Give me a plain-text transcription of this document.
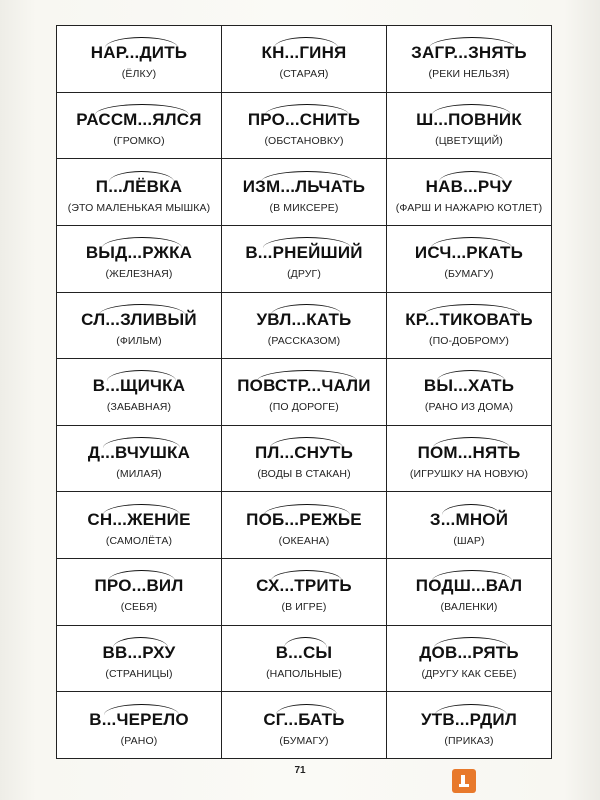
НАР...ДИТЬ
( ЁЛКУ )
КН...ГИНЯ
( СТАРАЯ )
ЗАГР...ЗНЯТЬ
( РЕКИ НЕЛЬЗЯ )
РАССМ...ЯЛСЯ
( ГРОМКО )
ПРО...СНИТЬ
( ОБСТАНОВКУ )
Ш...ПОВНИК
( ЦВЕТУЩИЙ )
П...ЛЁВКА
( ЭТО МАЛЕНЬКАЯ МЫШКА )
ИЗМ...ЛЬЧАТЬ
( В МИКСЕРЕ )
НАВ...РЧУ
( ФАРШ И НАЖАРЮ КОТЛЕТ )
ВЫД...РЖКА
( ЖЕЛЕЗНАЯ )
В...РНЕЙШИЙ
( ДРУГ )
ИСЧ...РКАТЬ
( БУМАГУ )
СЛ...ЗЛИВЫЙ
( ФИЛЬМ )
УВЛ...КАТЬ
( РАССКАЗОМ )
КР...ТИКОВАТЬ
( ПО-ДОБРОМУ )
В...ЩИЧКА
( ЗАБАВНАЯ )
ПОВСТР...ЧАЛИ
( ПО ДОРОГЕ )
ВЫ...ХАТЬ
( РАНО ИЗ ДОМА )
Д...ВЧУШКА
( МИЛАЯ )
ПЛ...СНУТЬ
( ВОДЫ В СТАКАН )
ПОМ...НЯТЬ
( ИГРУШКУ НА НОВУЮ )
СН...ЖЕНИЕ
( САМОЛЁТА )
ПОБ...РЕЖЬЕ
( ОКЕАНА )
З...МНОЙ
( ШАР )
ПРО...ВИЛ
( СЕБЯ )
СХ...ТРИТЬ
( В ИГРЕ )
ПОДШ...ВАЛ
( ВАЛЕНКИ )
ВВ...РХУ
( СТРАНИЦЫ )
В...СЫ
( НАПОЛЬНЫЕ )
ДОВ...РЯТЬ
( ДРУГУ КАК СЕБЕ )
В...ЧЕРЕЛО
( РАНО )
СГ...БАТЬ
( БУМАГУ )
УТВ...РДИЛ
( ПРИКАЗ )
71
